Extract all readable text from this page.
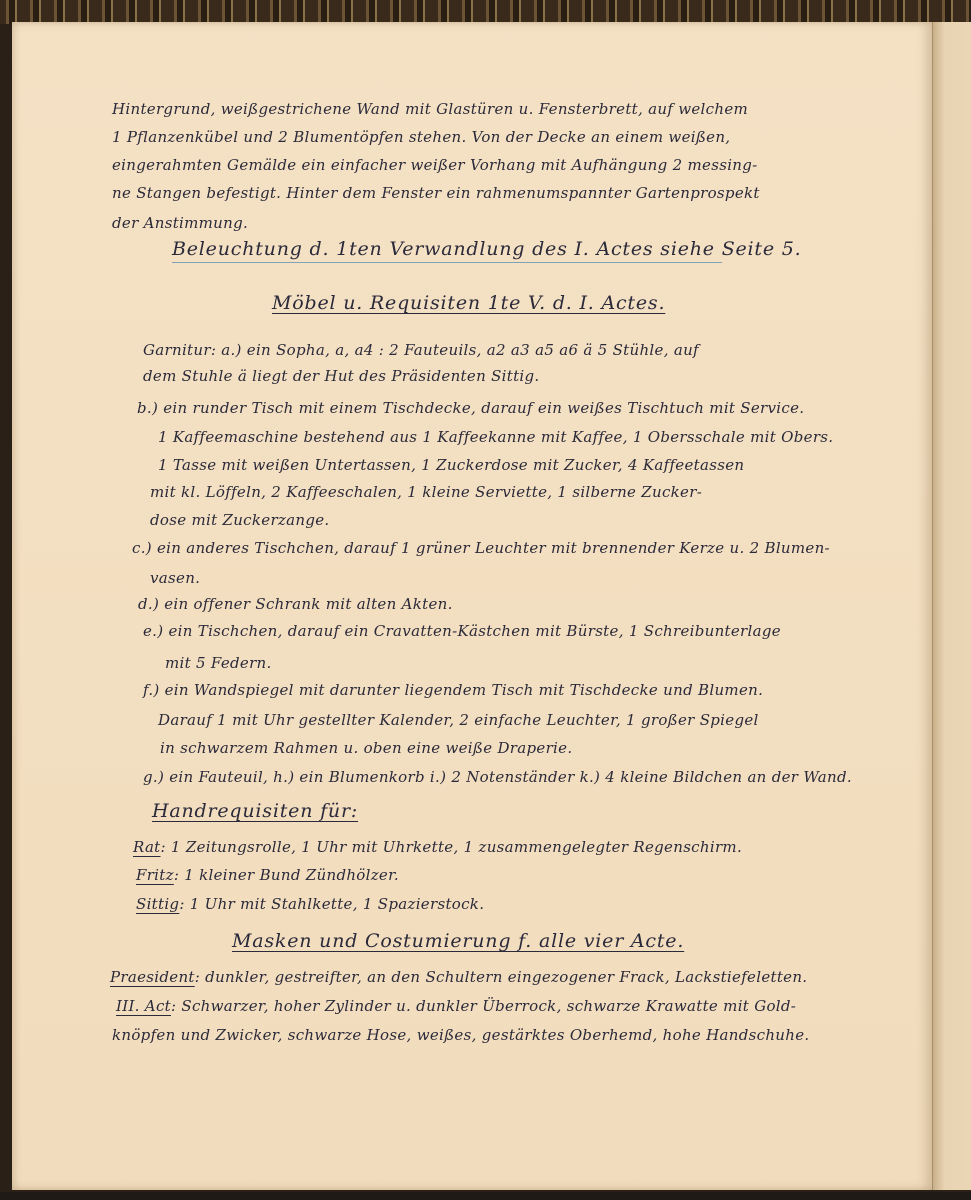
Hintergrund, weißgestrichene Wand mit Glastüren u. Fensterbrett, auf welchem
1 Pflanzenkübel und 2 Blumentöpfen stehen. Von der Decke an einem weißen,
eingerahmten Gemälde ein einfacher weißer Vorhang mit Aufhängung 2 messing-
ne Stangen befestigt. Hinter dem Fenster ein rahmenumspannter Gartenprospekt
der Anstimmung.
Beleuchtung d. 1ten Verwandlung des I. Actes siehe Seite 5.
Möbel u. Requisiten 1te V. d. I. Actes.
Garnitur: a.) ein Sopha, a, a4 : 2 Fauteuils, a2 a3 a5 a6 ä 5 Stühle, auf
dem Stuhle ä liegt der Hut des Präsidenten Sittig.
b.) ein runder Tisch mit einem Tischdecke, darauf ein weißes Tischtuch mit Service.
1 Kaffeemaschine bestehend aus 1 Kaffeekanne mit Kaffee, 1 Obersschale mit Obers.
1 Tasse mit weißen Untertassen, 1 Zuckerdose mit Zucker, 4 Kaffeetassen
mit kl. Löffeln, 2 Kaffeeschalen, 1 kleine Serviette, 1 silberne Zucker-
dose mit Zuckerzange.
c.) ein anderes Tischchen, darauf 1 grüner Leuchter mit brennender Kerze u. 2 Blumen-
vasen.
d.) ein offener Schrank mit alten Akten.
e.) ein Tischchen, darauf ein Cravatten-Kästchen mit Bürste, 1 Schreibunterlage
mit 5 Federn.
f.) ein Wandspiegel mit darunter liegendem Tisch mit Tischdecke und Blumen.
Darauf 1 mit Uhr gestellter Kalender, 2 einfache Leuchter, 1 großer Spiegel
in schwarzem Rahmen u. oben eine weiße Draperie.
g.) ein Fauteuil, h.) ein Blumenkorb i.) 2 Notenständer k.) 4 kleine Bildchen an der Wand.
Handrequisiten für:
Rat: 1 Zeitungsrolle, 1 Uhr mit Uhrkette, 1 zusammengelegter Regenschirm.
Fritz: 1 kleiner Bund Zündhölzer.
Sittig: 1 Uhr mit Stahlkette, 1 Spazierstock.
Masken und Costumierung f. alle vier Acte.
Praesident: dunkler, gestreifter, an den Schultern eingezogener Frack, Lackstiefeletten.
III. Act: Schwarzer, hoher Zylinder u. dunkler Überrock, schwarze Krawatte mit Gold-
knöpfen und Zwicker, schwarze Hose, weißes, gestärktes Oberhemd, hohe Handschuhe.
